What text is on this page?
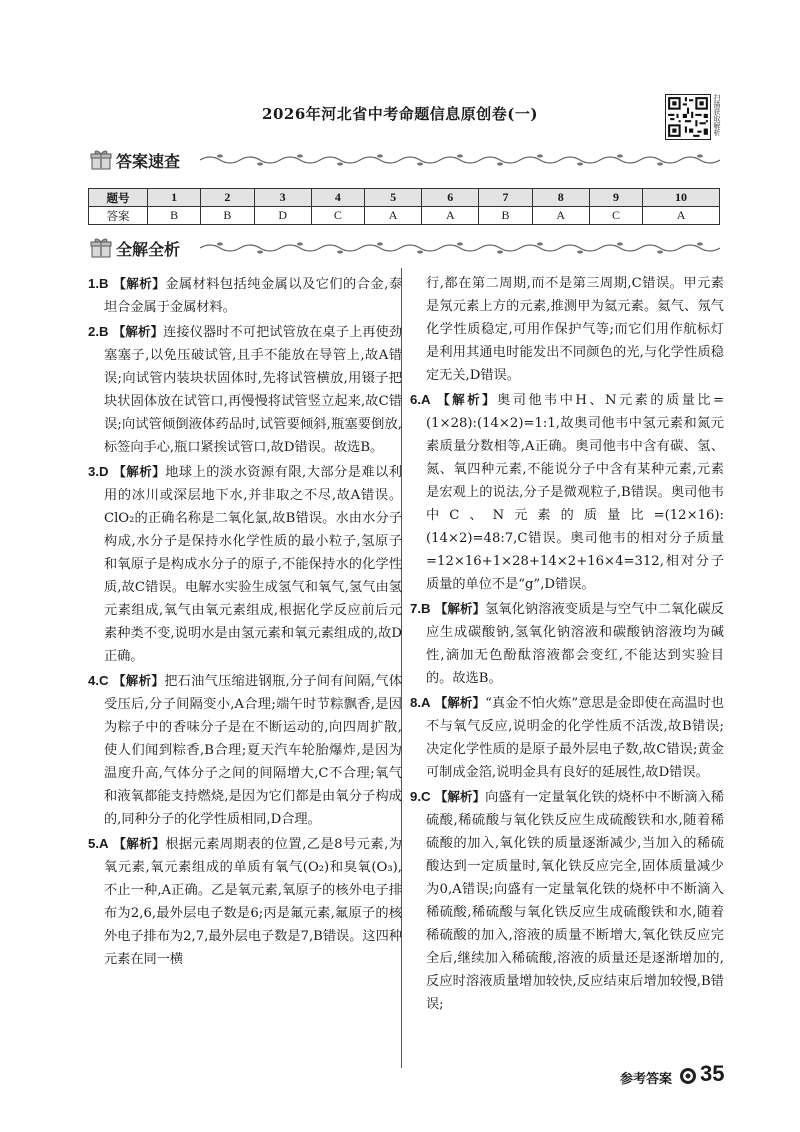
2026年河北省中考命题信息原创卷(一)	扫描获取解析
答案速查
题号	1	2	3	4	5	6	7	8	9	10
答案	B	B	D	C	A	A	B	A	C	A
全解全析
1.B 【解析】金属材料包括纯金属以及它们的合金,泰坦合金属于金属材料。
2.B 【解析】连接仪器时不可把试管放在桌子上再使劲塞塞子,以免压破试管,且手不能放在导管上,故A错误;向试管内装块状固体时,先将试管横放,用镊子把块状固体放在试管口,再慢慢将试管竖立起来,故C错误;向试管倾倒液体药品时,试管要倾斜,瓶塞要倒放,标签向手心,瓶口紧挨试管口,故D错误。故选B。
3.D 【解析】地球上的淡水资源有限,大部分是难以利用的冰川或深层地下水,并非取之不尽,故A错误。ClO₂的正确名称是二氧化氯,故B错误。水由水分子构成,水分子是保持水化学性质的最小粒子,氢原子和氧原子是构成水分子的原子,不能保持水的化学性质,故C错误。电解水实验生成氢气和氧气,氢气由氢元素组成,氧气由氧元素组成,根据化学反应前后元素种类不变,说明水是由氢元素和氧元素组成的,故D正确。
4.C 【解析】把石油气压缩进钢瓶,分子间有间隔,气体受压后,分子间隔变小,A合理;端午时节粽飘香,是因为粽子中的香味分子是在不断运动的,向四周扩散,使人们闻到粽香,B合理;夏天汽车轮胎爆炸,是因为温度升高,气体分子之间的间隔增大,C不合理;氧气和液氧都能支持燃烧,是因为它们都是由氧分子构成的,同种分子的化学性质相同,D合理。
5.A 【解析】根据元素周期表的位置,乙是8号元素,为氧元素,氧元素组成的单质有氧气(O₂)和臭氧(O₃),不止一种,A正确。乙是氧元素,氧原子的核外电子排布为2,6,最外层电子数是6;丙是氟元素,氟原子的核外电子排布为2,7,最外层电子数是7,B错误。这四种元素在同一横
行,都在第二周期,而不是第三周期,C错误。甲元素是氖元素上方的元素,推测甲为氦元素。氦气、氖气化学性质稳定,可用作保护气等;而它们用作航标灯是利用其通电时能发出不同颜色的光,与化学性质稳定无关,D错误。
6.A 【解析】奥司他韦中H、N元素的质量比=(1×28):(14×2)=1:1,故奥司他韦中氢元素和氮元素质量分数相等,A正确。奥司他韦中含有碳、氢、氮、氧四种元素,不能说分子中含有某种元素,元素是宏观上的说法,分子是微观粒子,B错误。奥司他韦中C、N元素的质量比=(12×16):(14×2)=48:7,C错误。奥司他韦的相对分子质量=12×16+1×28+14×2+16×4=312,相对分子质量的单位不是“g”,D错误。
7.B 【解析】氢氧化钠溶液变质是与空气中二氧化碳反应生成碳酸钠,氢氧化钠溶液和碳酸钠溶液均为碱性,滴加无色酚酞溶液都会变红,不能达到实验目的。故选B。
8.A 【解析】“真金不怕火炼”意思是金即使在高温时也不与氧气反应,说明金的化学性质不活泼,故B错误;决定化学性质的是原子最外层电子数,故C错误;黄金可制成金箔,说明金具有良好的延展性,故D错误。
9.C 【解析】向盛有一定量氧化铁的烧杯中不断滴入稀硫酸,稀硫酸与氧化铁反应生成硫酸铁和水,随着稀硫酸的加入,氧化铁的质量逐渐减少,当加入的稀硫酸达到一定质量时,氧化铁反应完全,固体质量减少为0,A错误;向盛有一定量氧化铁的烧杯中不断滴入稀硫酸,稀硫酸与氧化铁反应生成硫酸铁和水,随着稀硫酸的加入,溶液的质量不断增大,氧化铁反应完全后,继续加入稀硫酸,溶液的质量还是逐渐增加的,反应时溶液质量增加较快,反应结束后增加较慢,B错误;
参考答案 35
